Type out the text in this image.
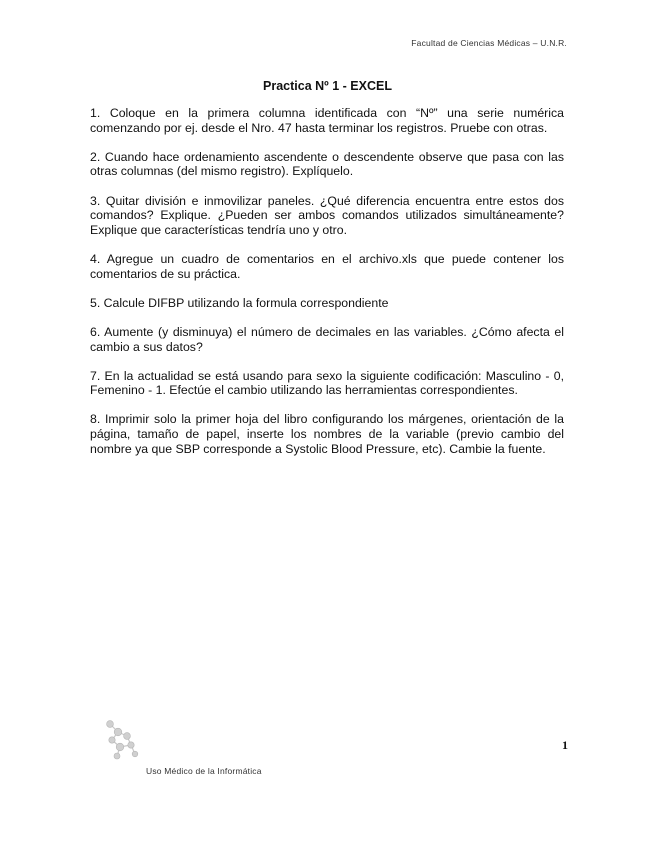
Facultad de Ciencias Médicas – U.N.R.
Practica Nº 1 - EXCEL

1. Coloque en la primera columna identificada con “Nº” una serie numérica comenzando por ej. desde el Nro. 47 hasta terminar los registros. Pruebe con otras.

2. Cuando hace ordenamiento ascendente o descendente observe que pasa con las otras columnas (del mismo registro). Explíquelo.

3. Quitar división e inmovilizar paneles. ¿Qué diferencia encuentra entre estos dos comandos? Explique. ¿Pueden ser ambos comandos utilizados simultáneamente? Explique que características tendría uno y otro.

4. Agregue un cuadro de comentarios en el archivo.xls que puede contener los comentarios de su práctica.

5. Calcule DIFBP utilizando la formula correspondiente

6. Aumente (y disminuya) el número de decimales en las variables. ¿Cómo afecta el cambio a sus datos?

7. En la actualidad se está usando para sexo la siguiente codificación: Masculino - 0, Femenino - 1. Efectúe el cambio utilizando las herramientas correspondientes.

8. Imprimir solo la primer hoja del libro configurando los márgenes, orientación de la página, tamaño de papel, inserte los nombres de la variable (previo cambio del nombre ya que SBP corresponde a Systolic Blood Pressure, etc). Cambie la fuente.

1
Uso Médico de la Informática
